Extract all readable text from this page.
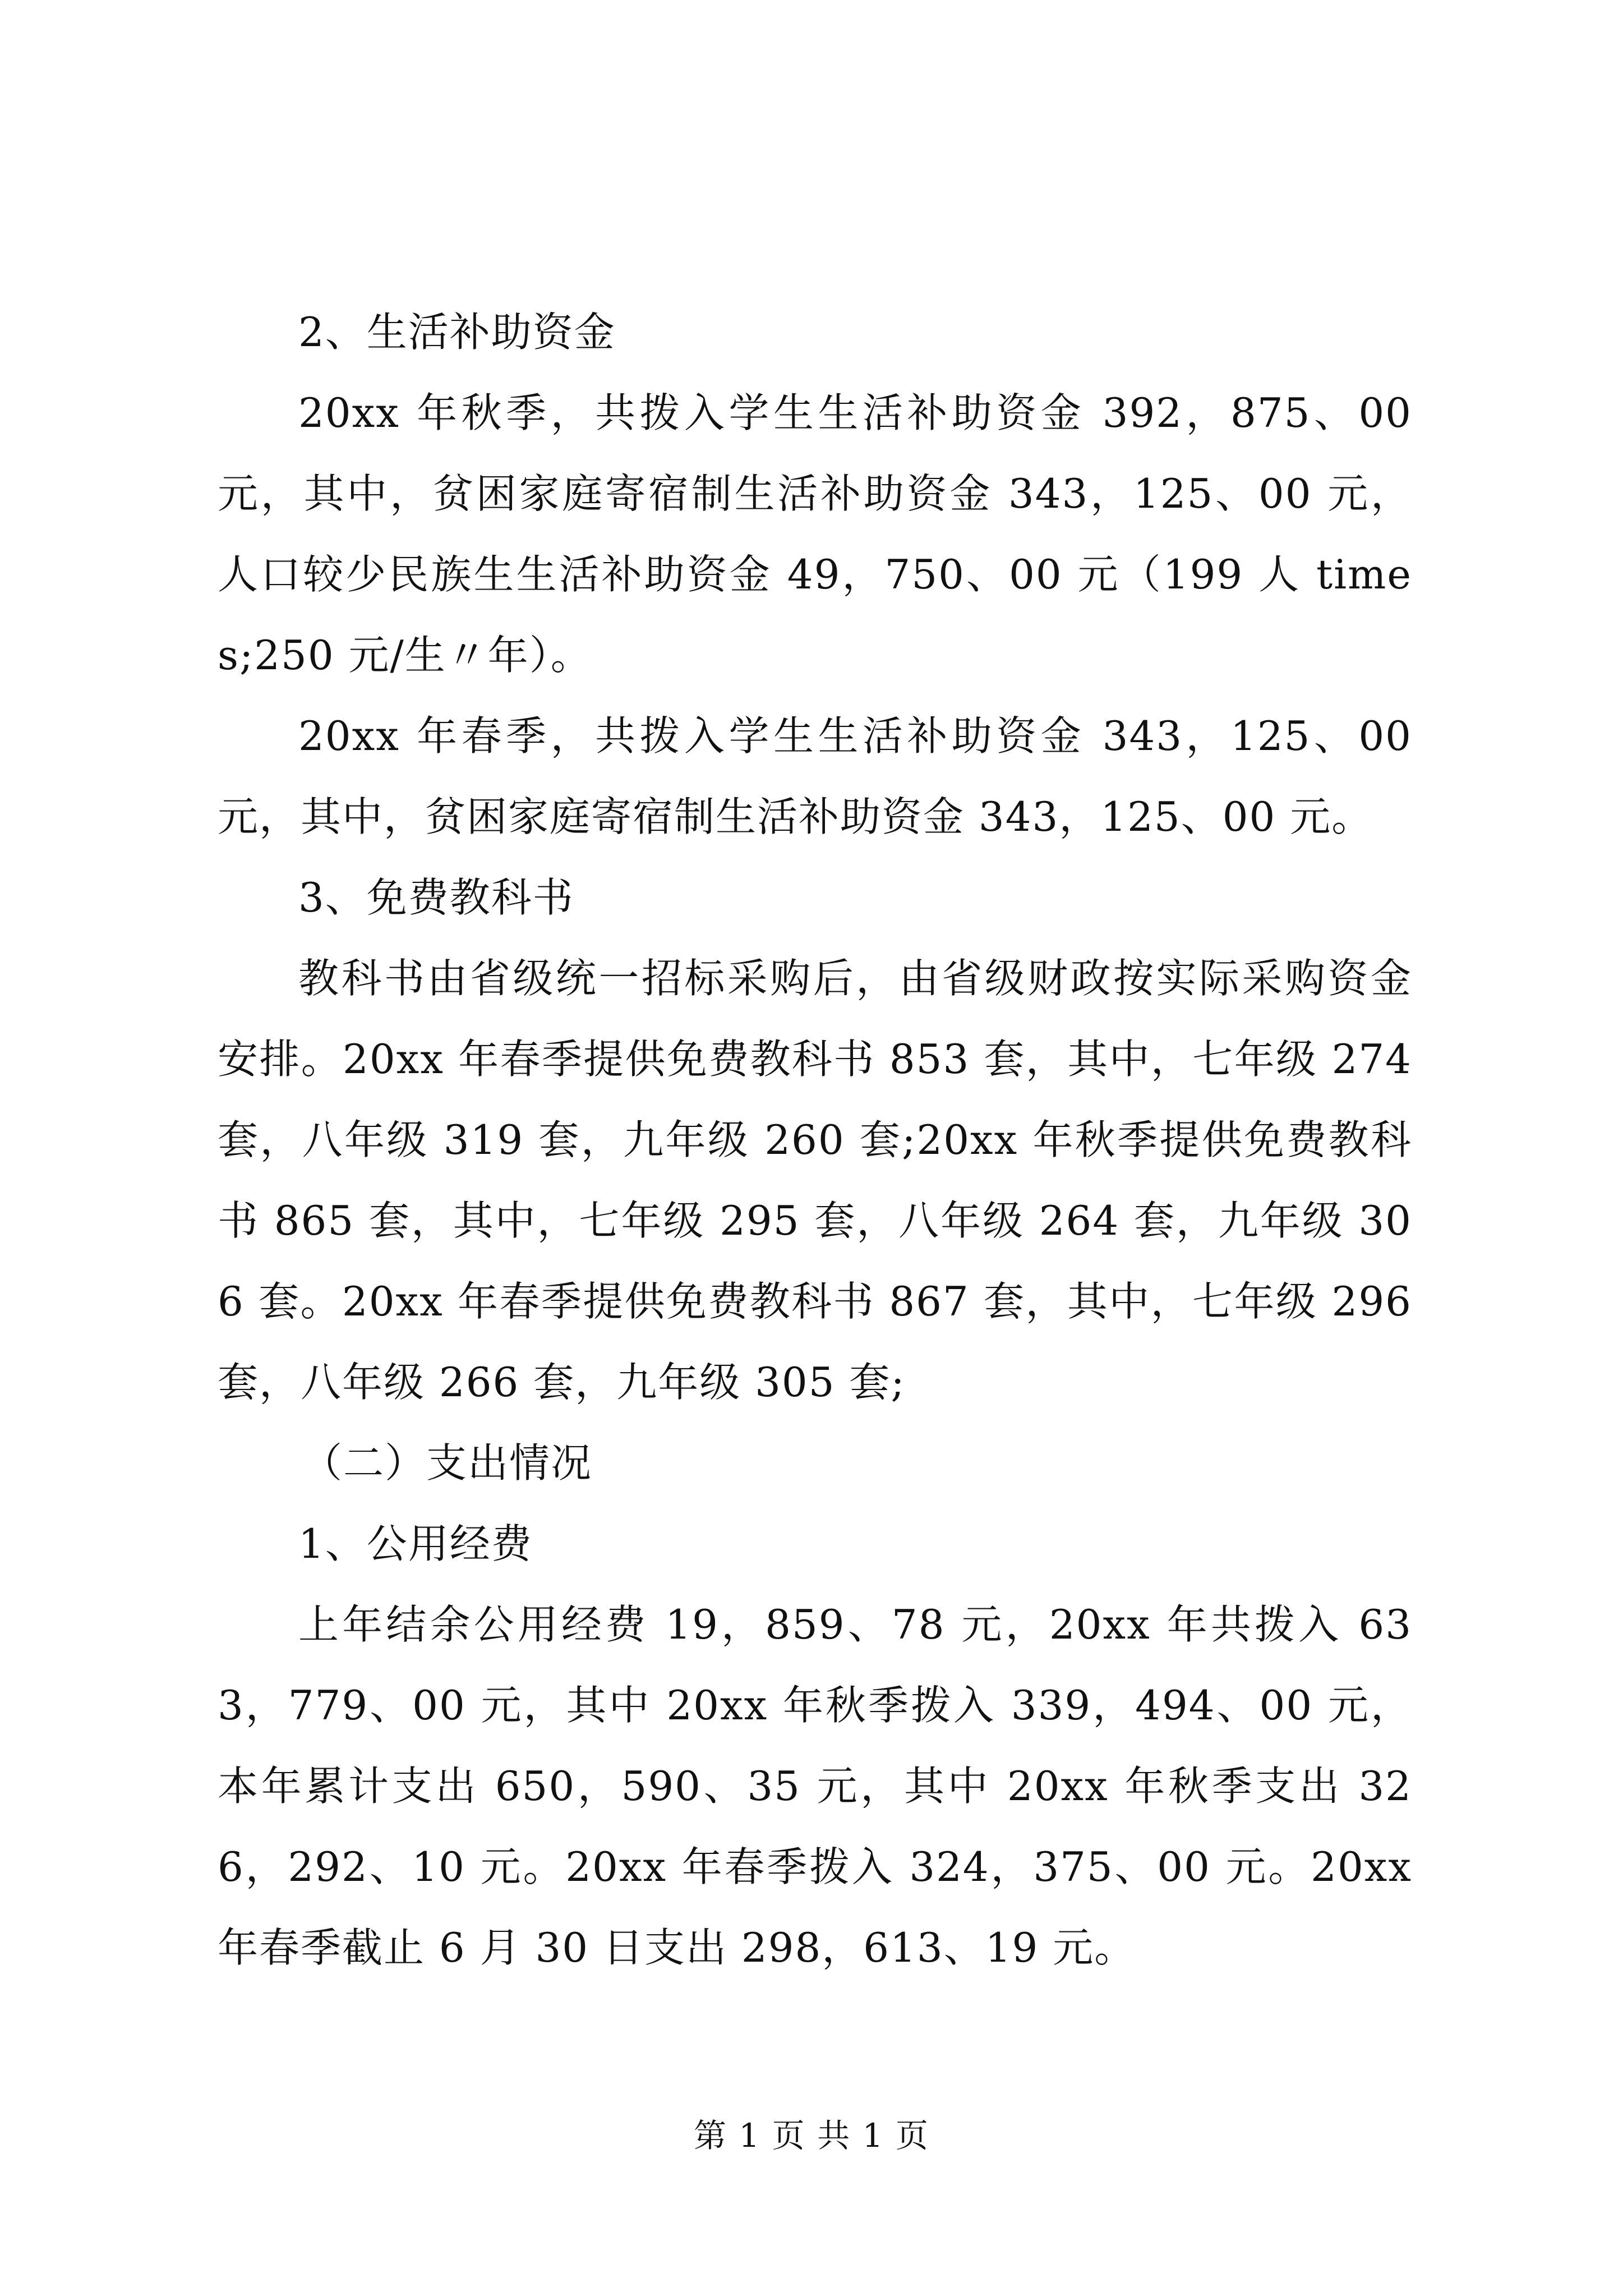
2、生活补助资金

20xx 年秋季，共拨入学生生活补助资金 392，875、00 元，其中，贫困家庭寄宿制生活补助资金 343，125、00 元，人口较少民族生生活补助资金 49，750、00 元（199 人 times;250 元/生〃年）。

20xx 年春季，共拨入学生生活补助资金 343，125、00 元，其中，贫困家庭寄宿制生活补助资金 343，125、00 元。

3、免费教科书

教科书由省级统一招标采购后，由省级财政按实际采购资金安排。20xx 年春季提供免费教科书 853 套，其中，七年级 274 套，八年级 319 套，九年级 260 套;20xx 年秋季提供免费教科书 865 套，其中，七年级 295 套，八年级 264 套，九年级 306 套。20xx 年春季提供免费教科书 867 套，其中，七年级 296 套，八年级 266 套，九年级 305 套;

（二）支出情况

1、公用经费

上年结余公用经费 19，859、78 元，20xx 年共拨入 633，779、00 元，其中 20xx 年秋季拨入 339，494、00 元，本年累计支出 650，590、35 元，其中 20xx 年秋季支出 326，292、10 元。20xx 年春季拨入 324，375、00 元。20xx 年春季截止 6 月 30 日支出 298，613、19 元。

第 1 页 共 1 页
